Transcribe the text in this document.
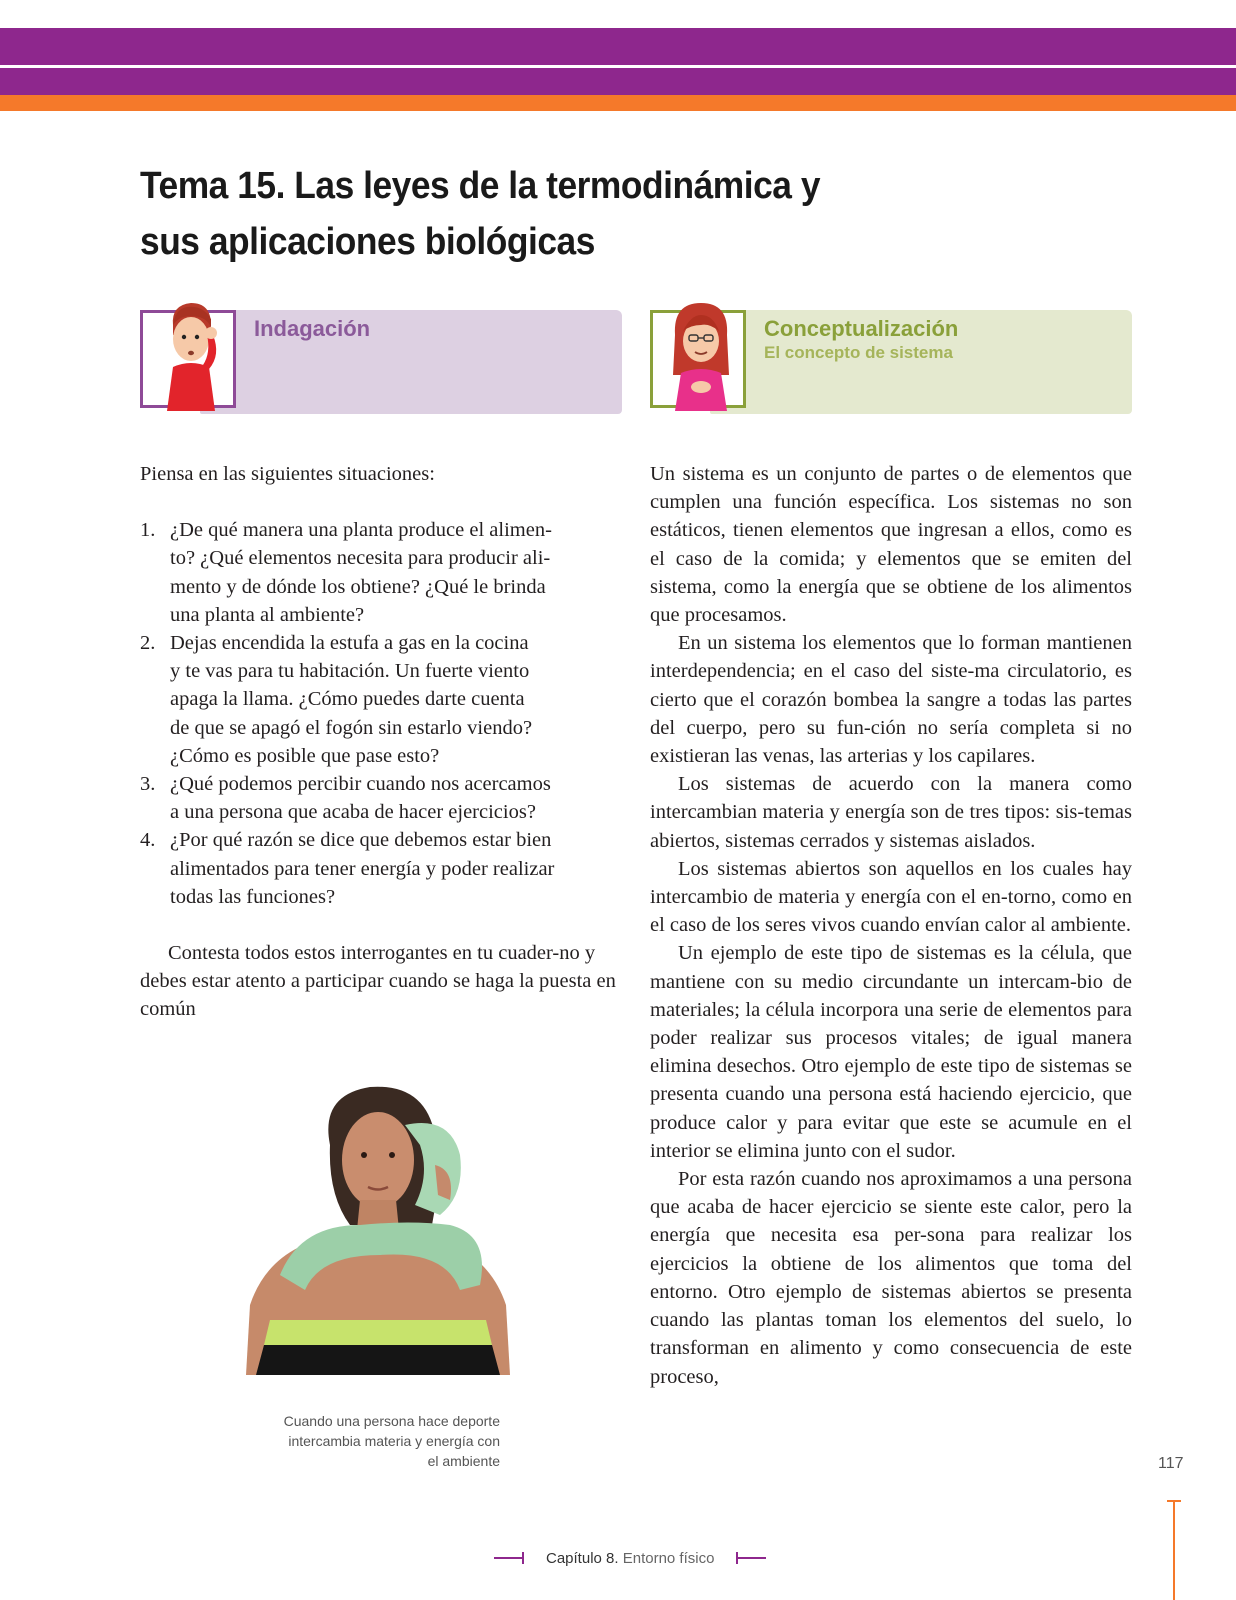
Tema 15. Las leyes de la termodinámica y
sus aplicaciones biológicas
Indagación	Conceptualización
El concepto de sistema

Piensa en las siguientes situaciones:

1. ¿De qué manera una planta produce el alimen-
to? ¿Qué elementos necesita para producir ali-
mento y de dónde los obtiene? ¿Qué le brinda
una planta al ambiente?
2. Dejas encendida la estufa a gas en la cocina
y te vas para tu habitación. Un fuerte viento
apaga la llama. ¿Cómo puedes darte cuenta
de que se apagó el fogón sin estarlo viendo?
¿Cómo es posible que pase esto?
3. ¿Qué podemos percibir cuando nos acercamos
a una persona que acaba de hacer ejercicios?
4. ¿Por qué razón se dice que debemos estar bien
alimentados para tener energía y poder realizar
todas las funciones?

Contesta todos estos interrogantes en tu cuader-no y debes estar atento a participar cuando se haga la puesta en común

Un sistema es un conjunto de partes o de elementos que cumplen una función específica. Los sistemas no son estáticos, tienen elementos que ingresan a ellos, como es el caso de la comida; y elementos que se emiten del sistema, como la energía que se obtiene de los alimentos que procesamos.

En un sistema los elementos que lo forman mantienen interdependencia; en el caso del siste-ma circulatorio, es cierto que el corazón bombea la sangre a todas las partes del cuerpo, pero su fun-ción no sería completa si no existieran las venas, las arterias y los capilares.

Los sistemas de acuerdo con la manera como intercambian materia y energía son de tres tipos: sis-temas abiertos, sistemas cerrados y sistemas aislados.

Los sistemas abiertos son aquellos en los cuales hay intercambio de materia y energía con el en-torno, como en el caso de los seres vivos cuando envían calor al ambiente.

Un ejemplo de este tipo de sistemas es la célula, que mantiene con su medio circundante un intercam-bio de materiales; la célula incorpora una serie de elementos para poder realizar sus procesos vitales; de igual manera elimina desechos. Otro ejemplo de este tipo de sistemas se presenta cuando una persona está haciendo ejercicio, que produce calor y para evitar que este se acumule en el interior se elimina junto con el sudor.

Por esta razón cuando nos aproximamos a una persona que acaba de hacer ejercicio se siente este calor, pero la energía que necesita esa per-sona para realizar los ejercicios la obtiene de los alimentos que toma del entorno. Otro ejemplo de sistemas abiertos se presenta cuando las plantas toman los elementos del suelo, lo transforman en alimento y como consecuencia de este proceso,

Cuando una persona hace deporte
intercambia materia y energía con
el ambiente	117
Capítulo 8. Entorno físico
